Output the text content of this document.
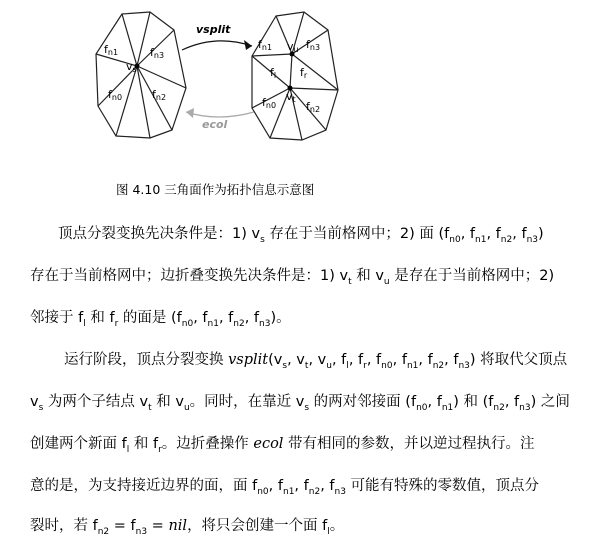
fn1	fn3
fn0	fn2
vs
vsplit
ecol
fn1	fn3
fl fr
fn0	fn2
vu
vt
图 4.10 三角面作为拓扑信息示意图
顶点分裂变换先决条件是：1) $v_s$ 存在于当前格网中；2) 面 ($f_{n0}$, $f_{n1}$, $f_{n2}$, $f_{n3}$)
存在于当前格网中；边折叠变换先决条件是：1) $v_t$ 和 $v_u$ 是存在于当前格网中；2)
邻接于 $f_l$ 和 $f_r$ 的面是 ($f_{n0}$, $f_{n1}$, $f_{n2}$, $f_{n3}$)。
运行阶段，顶点分裂变换 $vsplit(v_s$, $v_t$, $v_u$, $f_l$, $f_r$, $f_{n0}$, $f_{n1}$, $f_{n2}$, $f_{n3}$) 将取代父顶点
$v_s$ 为两个子结点 $v_t$ 和 $v_u$。同时，在靠近 $v_s$ 的两对邻接面 ($f_{n0}$, $f_{n1}$) 和 ($f_{n2}$, $f_{n3}$) 之间
创建两个新面 $f_l$ 和 $f_r$。边折叠操作 ecol 带有相同的参数，并以逆过程执行。注
意的是，为支持接近边界的面，面 $f_{n0}$, $f_{n1}$, $f_{n2}$, $f_{n3}$ 可能有特殊的零数值，顶点分
裂时，若 $f_{n2} = f_{n3}$ = nil，将只会创建一个面 $f_l$。
